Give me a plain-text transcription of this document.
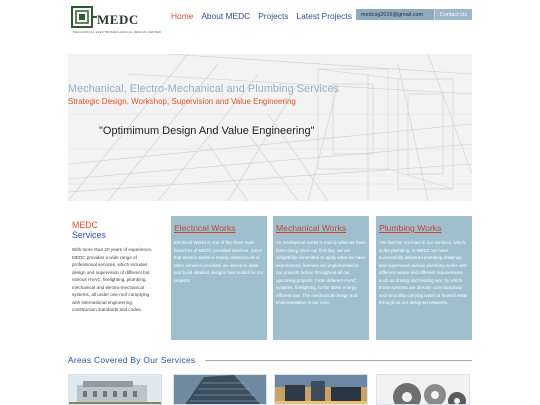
MEDC
MECHANICAL ELECTROMECHANICAL DESIGN CENTER
Home About MEDC Projects Latest Projects	medcsg2016@gmail.com	Contact Us
Mechanical, Electro-Mechanical and Plumbing Services
Strategic Design, Workshop, Supervision and Value Engineering
"Optimimum Design And Value Engineering"
MEDC
Services

With more than 20 years of experience, MEDC provides a wide range of professional services, which includes design and supervision of different but various HVAC, firefighting, plumbing, mechanical and electro-mechanical systems, all under one roof complying with international engineering, construction standards and codes.

Electrical Works

Electrical Works is one of the three main branches of MEDC provided services. Since that electric works is mainly related to all of other services provided, we derive to draw and build detailed designs best suited for our projects.

Mechanical Works

As mechanical works is mainly what we have been doing since our first day, we are delightfully committed to apply what we have experienced, learned and implemented in our projects before throughout all our upcoming projects. From different HVAC systems, firefighting, to the latest energy efficient use. The mechanical design and implementation is our core.

Plumbing Works

The last but not least in our services, which is the plumbing. In MEDC we have successfully delivered plumbing drawings and supervised various plumbing works with different nature and different requirements such as driving and heating war, by which those systems are already commissioned and smoothly carrying water or heated water throughout our designed networks.

Areas Covered By Our Services
